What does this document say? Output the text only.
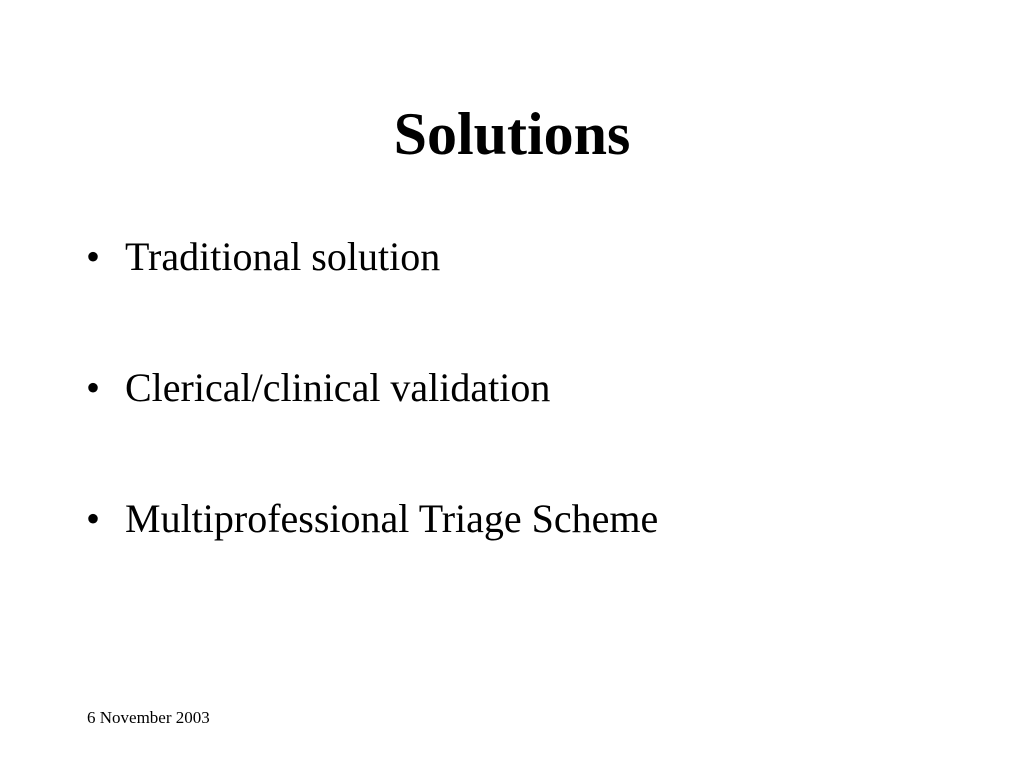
Solutions
• Traditional solution
• Clerical/clinical validation
• Multiprofessional Triage Scheme
6 November 2003
